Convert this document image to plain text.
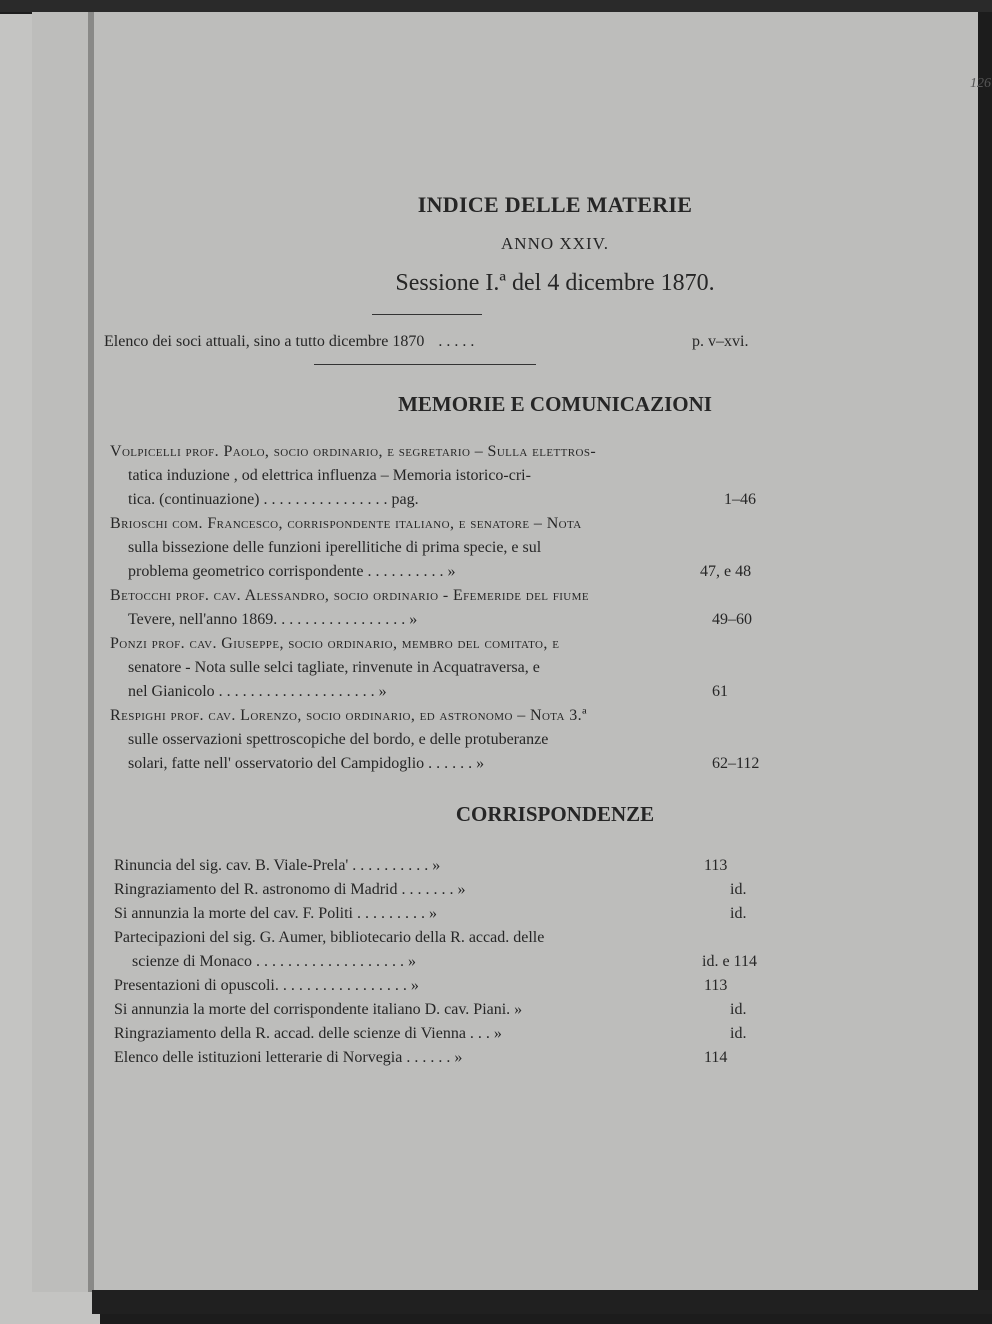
126
INDICE DELLE MATERIE
ANNO XXIV.
Sessione I.ª del 4 dicembre 1870.
Elenco dei soci attuali, sino a tutto dicembre 1870 . . . . .	p. v–xvi.
MEMORIE E COMUNICAZIONI
Volpicelli prof. Paolo, socio ordinario, e segretario – Sulla elettros-
tatica induzione , od elettrica influenza – Memoria istorico-cri-
tica. (continuazione) . . . . . . . . . . . . . . . . pag.	1–46
Brioschi com. Francesco, corrispondente italiano, e senatore – Nota
sulla bissezione delle funzioni iperellitiche di prima specie, e sul
problema geometrico corrispondente . . . . . . . . . . »	47, e 48
Betocchi prof. cav. Alessandro, socio ordinario - Efemeride del fiume
Tevere, nell'anno 1869. . . . . . . . . . . . . . . . . »	49–60
Ponzi prof. cav. Giuseppe, socio ordinario, membro del comitato, e
senatore - Nota sulle selci tagliate, rinvenute in Acquatraversa, e
nel Gianicolo . . . . . . . . . . . . . . . . . . . . »	61
Respighi prof. cav. Lorenzo, socio ordinario, ed astronomo – Nota 3.ª
sulle osservazioni spettroscopiche del bordo, e delle protuberanze
solari, fatte nell' osservatorio del Campidoglio . . . . . . »	62–112
CORRISPONDENZE
Rinuncia del sig. cav. B. Viale-Prela' . . . . . . . . . . »	113
Ringraziamento del R. astronomo di Madrid . . . . . . . »	id.
Si annunzia la morte del cav. F. Politi . . . . . . . . . »	id.
Partecipazioni del sig. G. Aumer, bibliotecario della R. accad. delle
scienze di Monaco . . . . . . . . . . . . . . . . . . . »	id. e 114
Presentazioni di opuscoli. . . . . . . . . . . . . . . . . »	113
Si annunzia la morte del corrispondente italiano D. cav. Piani. »	id.
Ringraziamento della R. accad. delle scienze di Vienna . . . »	id.
Elenco delle istituzioni letterarie di Norvegia . . . . . . »	114
